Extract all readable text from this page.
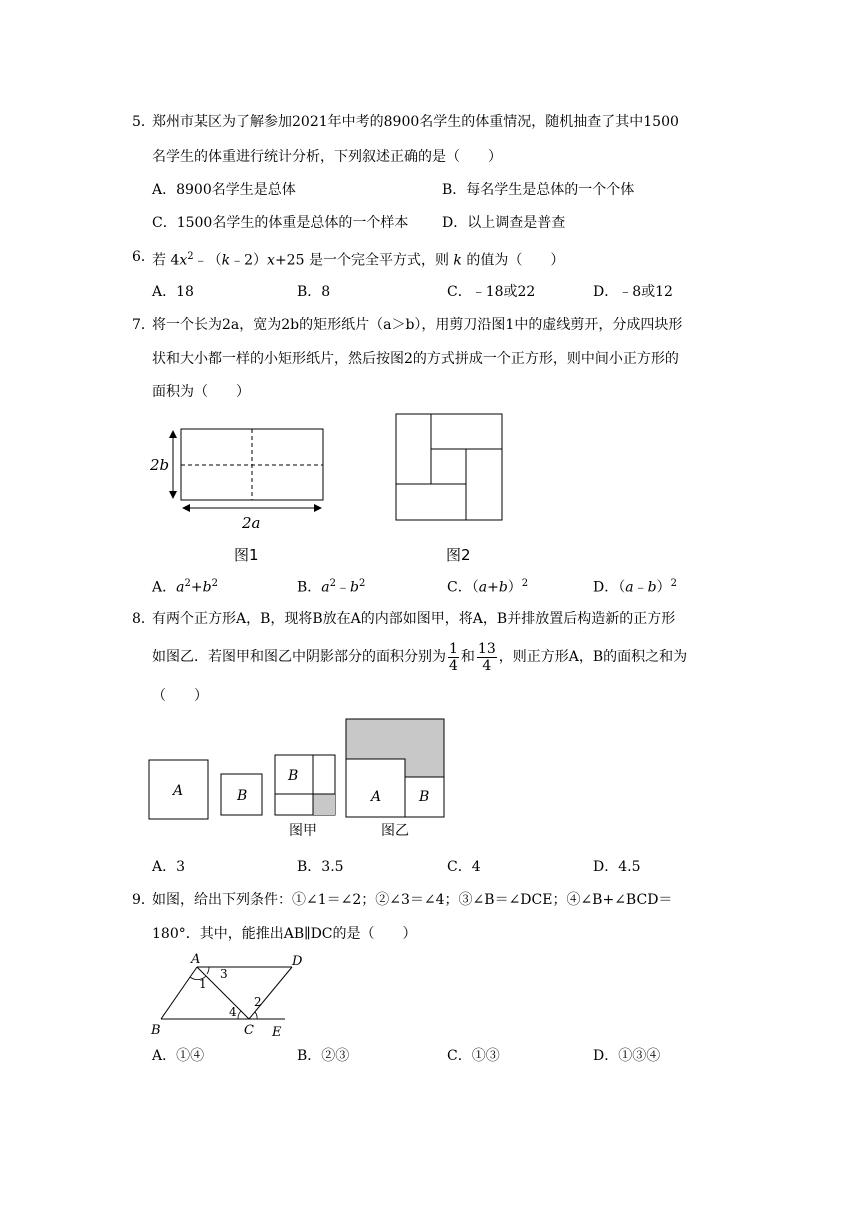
5．
郑州市某区为了解参加2021年中考的8900名学生的体重情况，随机抽查了其中1500
名学生的体重进行统计分析，下列叙述正确的是（　　）
A．8900名学生是总体	B．每名学生是总体的一个个体
C．1500名学生的体重是总体的一个样本 D．以上调查是普查
6．
若 $4x^2﹣(k﹣2)x+25$ 是一个完全平方式，则 k 的值为（　　）
A．18	B．8	C．﹣18或22	D．﹣8或12
7．
将一个长为2a，宽为2b的矩形纸片（a＞b），用剪刀沿图1中的虚线剪开，分成四块形
状和大小都一样的小矩形纸片，然后按图2的方式拼成一个正方形，则中间小正方形的
面积为（　　）
2b
2a
图1	图2
A．$a^2+b^2$	B．$a^2﹣b^2$	C．$(a+b)^2$	D．（a﹣b）$^2$
8．
有两个正方形A，B，现将B放在A的内部如图甲，将A，B并排放置后构造新的正方形
如图乙．若图甲和图乙中阴影部分的面积分别为 $\frac{1}{4}$ 和 $\frac{13}{4}$ ，则正方形A，B的面积之和为
（　　）
A	B
B
A	B
图甲	图乙
A．3	B．3.5	C．4	D．4.5
9．
如图，给出下列条件：①∠1＝∠2；②∠3＝∠4；③∠B＝∠DCE；④∠B+∠BCD＝
180°．其中，能推出AB∥DC的是（　　）
A	D
B	C E
1
2
3
4
A．①④	B．②③	C．①③	D．①③④
